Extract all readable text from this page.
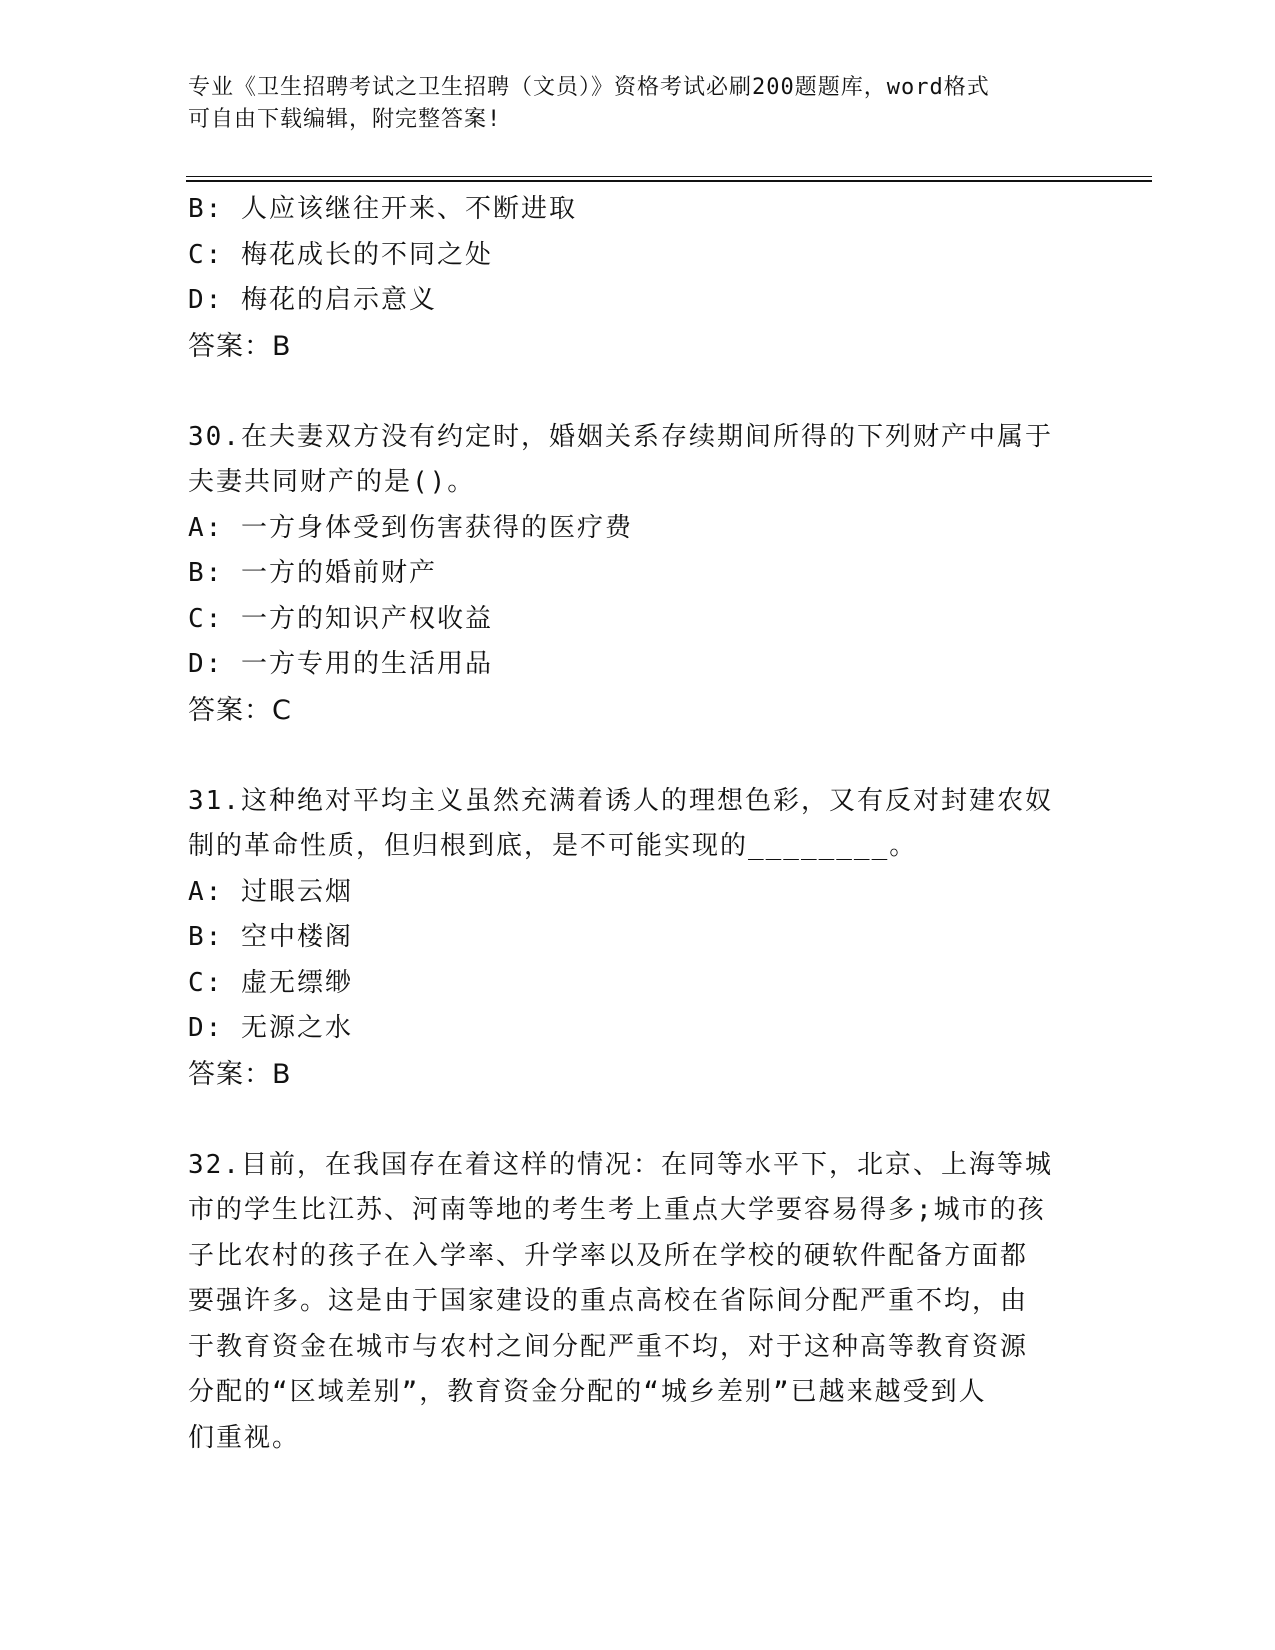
专业《卫生招聘考试之卫生招聘（文员）》资格考试必刷200题题库，word格式
可自由下载编辑，附完整答案!
B: 人应该继往开来、不断进取
C: 梅花成长的不同之处
D: 梅花的启示意义
答案：B
30.在夫妻双方没有约定时，婚姻关系存续期间所得的下列财产中属于
夫妻共同财产的是()。
A: 一方身体受到伤害获得的医疗费
B: 一方的婚前财产
C: 一方的知识产权收益
D: 一方专用的生活用品
答案：C
31.这种绝对平均主义虽然充满着诱人的理想色彩，又有反对封建农奴
制的革命性质，但归根到底，是不可能实现的________。
A: 过眼云烟
B: 空中楼阁
C: 虚无缥缈
D: 无源之水
答案：B
32.目前，在我国存在着这样的情况：在同等水平下，北京、上海等城
市的学生比江苏、河南等地的考生考上重点大学要容易得多;城市的孩
子比农村的孩子在入学率、升学率以及所在学校的硬软件配备方面都
要强许多。这是由于国家建设的重点高校在省际间分配严重不均，由
于教育资金在城市与农村之间分配严重不均，对于这种高等教育资源
分配的“区域差别”，教育资金分配的“城乡差别”已越来越受到人
们重视。
